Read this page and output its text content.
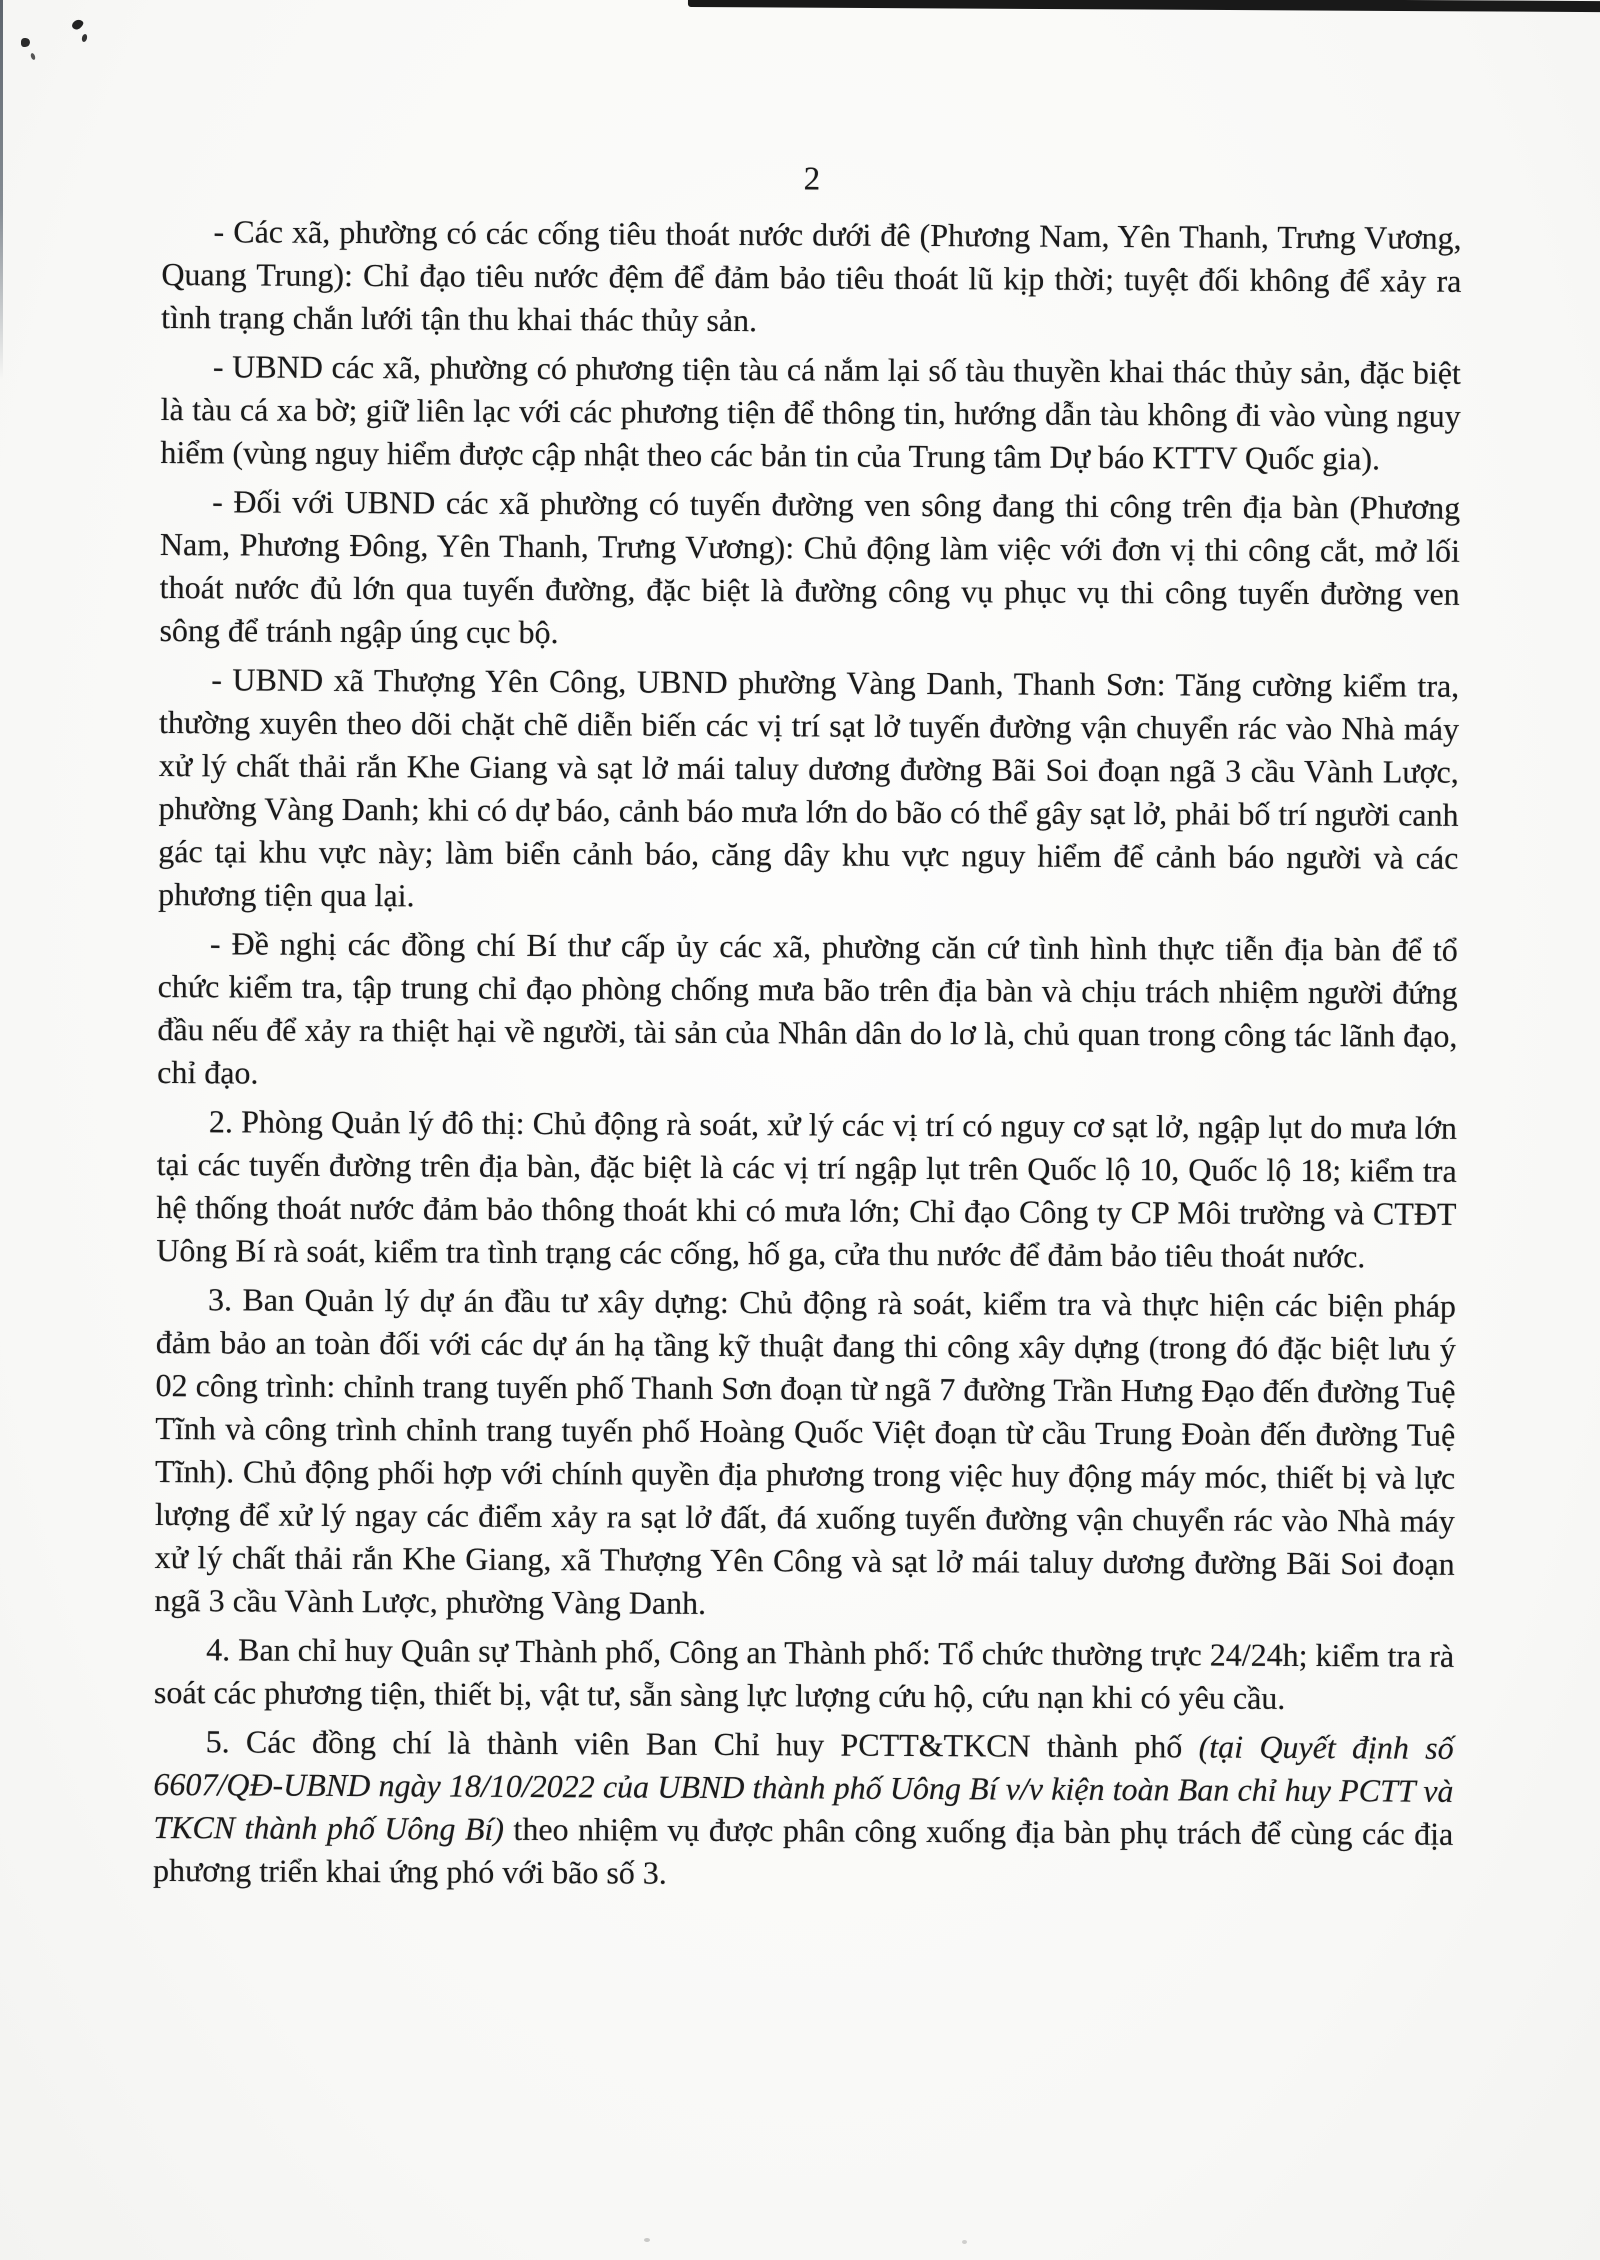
2

- Các xã, phường có các cống tiêu thoát nước dưới đê (Phương Nam, Yên Thanh, Trưng Vương, Quang Trung): Chỉ đạo tiêu nước đệm để đảm bảo tiêu thoát lũ kịp thời; tuyệt đối không để xảy ra tình trạng chắn lưới tận thu khai thác thủy sản.

- UBND các xã, phường có phương tiện tàu cá nắm lại số tàu thuyền khai thác thủy sản, đặc biệt là tàu cá xa bờ; giữ liên lạc với các phương tiện để thông tin, hướng dẫn tàu không đi vào vùng nguy hiểm (vùng nguy hiểm được cập nhật theo các bản tin của Trung tâm Dự báo KTTV Quốc gia).

- Đối với UBND các xã phường có tuyến đường ven sông đang thi công trên địa bàn (Phương Nam, Phương Đông, Yên Thanh, Trưng Vương): Chủ động làm việc với đơn vị thi công cắt, mở lối thoát nước đủ lớn qua tuyến đường, đặc biệt là đường công vụ phục vụ thi công tuyến đường ven sông để tránh ngập úng cục bộ.

- UBND xã Thượng Yên Công, UBND phường Vàng Danh, Thanh Sơn: Tăng cường kiểm tra, thường xuyên theo dõi chặt chẽ diễn biến các vị trí sạt lở tuyến đường vận chuyển rác vào Nhà máy xử lý chất thải rắn Khe Giang và sạt lở mái taluy dương đường Bãi Soi đoạn ngã 3 cầu Vành Lược, phường Vàng Danh; khi có dự báo, cảnh báo mưa lớn do bão có thể gây sạt lở, phải bố trí người canh gác tại khu vực này; làm biển cảnh báo, căng dây khu vực nguy hiểm để cảnh báo người và các phương tiện qua lại.

- Đề nghị các đồng chí Bí thư cấp ủy các xã, phường căn cứ tình hình thực tiễn địa bàn để tổ chức kiểm tra, tập trung chỉ đạo phòng chống mưa bão trên địa bàn và chịu trách nhiệm người đứng đầu nếu để xảy ra thiệt hại về người, tài sản của Nhân dân do lơ là, chủ quan trong công tác lãnh đạo, chỉ đạo.

2. Phòng Quản lý đô thị: Chủ động rà soát, xử lý các vị trí có nguy cơ sạt lở, ngập lụt do mưa lớn tại các tuyến đường trên địa bàn, đặc biệt là các vị trí ngập lụt trên Quốc lộ 10, Quốc lộ 18; kiểm tra hệ thống thoát nước đảm bảo thông thoát khi có mưa lớn; Chỉ đạo Công ty CP Môi trường và CTĐT Uông Bí rà soát, kiểm tra tình trạng các cống, hố ga, cửa thu nước để đảm bảo tiêu thoát nước.

3. Ban Quản lý dự án đầu tư xây dựng: Chủ động rà soát, kiểm tra và thực hiện các biện pháp đảm bảo an toàn đối với các dự án hạ tầng kỹ thuật đang thi công xây dựng (trong đó đặc biệt lưu ý 02 công trình: chỉnh trang tuyến phố Thanh Sơn đoạn từ ngã 7 đường Trần Hưng Đạo đến đường Tuệ Tĩnh và công trình chỉnh trang tuyến phố Hoàng Quốc Việt đoạn từ cầu Trung Đoàn đến đường Tuệ Tĩnh). Chủ động phối hợp với chính quyền địa phương trong việc huy động máy móc, thiết bị và lực lượng để xử lý ngay các điểm xảy ra sạt lở đất, đá xuống tuyến đường vận chuyển rác vào Nhà máy xử lý chất thải rắn Khe Giang, xã Thượng Yên Công và sạt lở mái taluy dương đường Bãi Soi đoạn ngã 3 cầu Vành Lược, phường Vàng Danh.

4. Ban chỉ huy Quân sự Thành phố, Công an Thành phố: Tổ chức thường trực 24/24h; kiểm tra rà soát các phương tiện, thiết bị, vật tư, sẵn sàng lực lượng cứu hộ, cứu nạn khi có yêu cầu.

5. Các đồng chí là thành viên Ban Chỉ huy PCTT&TKCN thành phố (tại Quyết định số 6607/QĐ-UBND ngày 18/10/2022 của UBND thành phố Uông Bí v/v kiện toàn Ban chỉ huy PCTT và TKCN thành phố Uông Bí) theo nhiệm vụ được phân công xuống địa bàn phụ trách để cùng các địa phương triển khai ứng phó với bão số 3.
